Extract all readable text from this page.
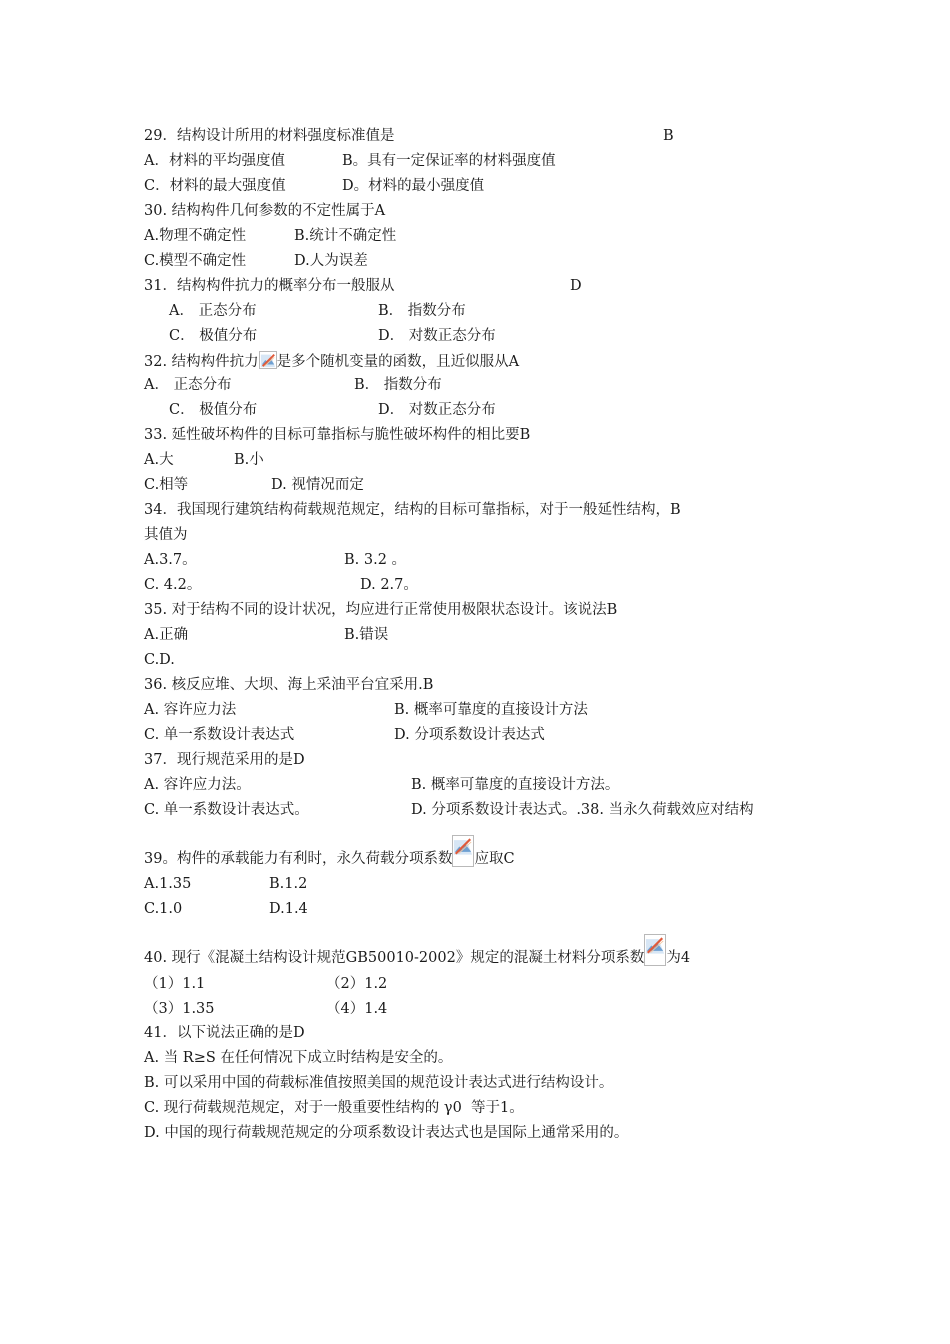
29．结构设计所用的材料强度标准值是	B
A．材料的平均强度值	B。具有一定保证率的材料强度值
C．材料的最大强度值	D。材料的最小强度值
30. 结构构件几何参数的不定性属于A
A.物理不确定性	B.统计不确定性
C.模型不确定性	D.人为误差
31．结构构件抗力的概率分布一般服从	D
A． 正态分布	B． 指数分布
C． 极值分布	D． 对数正态分布
32. 结构构件抗力 是多个随机变量的函数，且近似服从A
A． 正态分布	B． 指数分布
C． 极值分布	D． 对数正态分布
33. 延性破坏构件的目标可靠指标与脆性破坏构件的相比要B
A.大	B.小
C.相等	D. 视情况而定
34．我国现行建筑结构荷载规范规定，结构的目标可靠指标，对于一般延性结构，B
其值为
A.3.7。	B. 3.2 。
C. 4.2。	D. 2.7。
35. 对于结构不同的设计状况，均应进行正常使用极限状态设计。该说法B
A.正确	B.错误
C.D.
36. 核反应堆、大坝、海上采油平台宜采用.B
A. 容许应力法	B. 概率可靠度的直接设计方法
C. 单一系数设计表达式	D. 分项系数设计表达式
37．现行规范采用的是D
A. 容许应力法。	B. 概率可靠度的直接设计方法。
C. 单一系数设计表达式。	D. 分项系数设计表达式。.38. 当永久荷载效应对结构
39。构件的承载能力有利时，永久荷载分项系数 应取C
A.1.35	B.1.2
C.1.0	D.1.4
40. 现行《混凝土结构设计规范GB50010-2002》规定的混凝土材料分项系数 为4
（1）1.1	（2）1.2
（3）1.35	（4）1.4
41．以下说法正确的是D
A. 当 R≥S 在任何情况下成立时结构是安全的。
B. 可以采用中国的荷载标准值按照美国的规范设计表达式进行结构设计。
C. 现行荷载规范规定，对于一般重要性结构的 γ0  等于1。
D. 中国的现行荷载规范规定的分项系数设计表达式也是国际上通常采用的。
